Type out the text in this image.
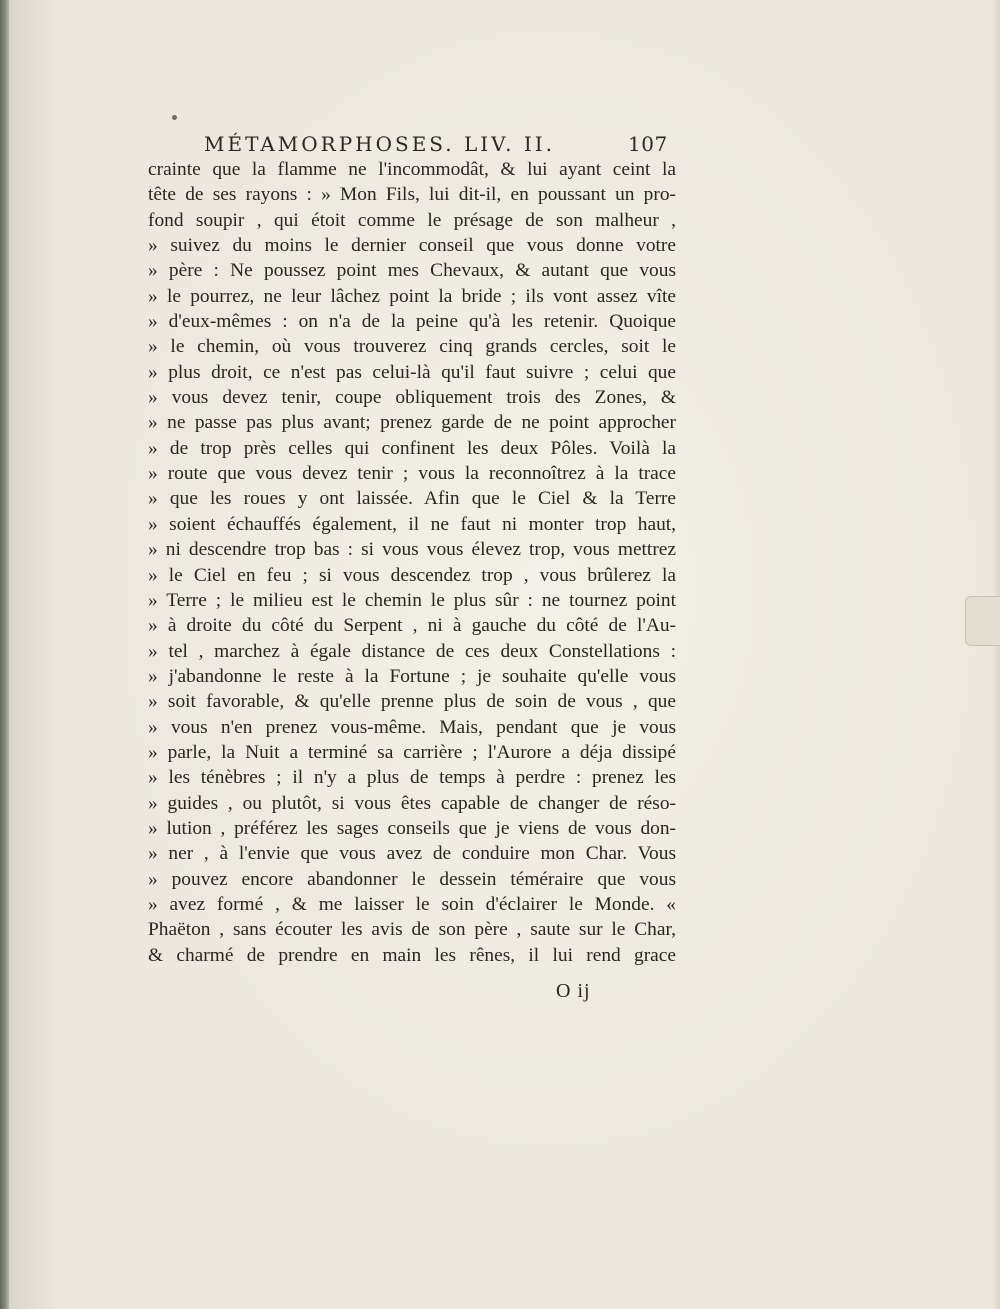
MÉTAMORPHOSES. LIV. II.	107
crainte que la flamme ne l'incommodât, & lui ayant ceint la
tête de ses rayons : » Mon Fils, lui dit-il, en poussant un pro-
fond soupir , qui étoit comme le présage de son malheur ,
» suivez du moins le dernier conseil que vous donne votre
» père : Ne poussez point mes Chevaux, & autant que vous
» le pourrez, ne leur lâchez point la bride ; ils vont assez vîte
» d'eux-mêmes : on n'a de la peine qu'à les retenir. Quoique
» le chemin, où vous trouverez cinq grands cercles, soit le
» plus droit, ce n'est pas celui-là qu'il faut suivre ; celui que
» vous devez tenir, coupe obliquement trois des Zones, &
» ne passe pas plus avant; prenez garde de ne point approcher
» de trop près celles qui confinent les deux Pôles. Voilà la
» route que vous devez tenir ; vous la reconnoîtrez à la trace
» que les roues y ont laissée. Afin que le Ciel & la Terre
» soient échauffés également, il ne faut ni monter trop haut,
» ni descendre trop bas : si vous vous élevez trop, vous mettrez
» le Ciel en feu ; si vous descendez trop , vous brûlerez la
» Terre ; le milieu est le chemin le plus sûr : ne tournez point
» à droite du côté du Serpent , ni à gauche du côté de l'Au-
» tel , marchez à égale distance de ces deux Constellations :
» j'abandonne le reste à la Fortune ; je souhaite qu'elle vous
» soit favorable, & qu'elle prenne plus de soin de vous , que
» vous n'en prenez vous-même. Mais, pendant que je vous
» parle, la Nuit a terminé sa carrière ; l'Aurore a déja dissipé
» les ténèbres ; il n'y a plus de temps à perdre : prenez les
» guides , ou plutôt, si vous êtes capable de changer de réso-
» lution , préférez les sages conseils que je viens de vous don-
» ner , à l'envie que vous avez de conduire mon Char. Vous
» pouvez encore abandonner le dessein téméraire que vous
» avez formé , & me laisser le soin d'éclairer le Monde. «
Phaëton , sans écouter les avis de son père , saute sur le Char,
& charmé de prendre en main les rênes, il lui rend grace
O ij
